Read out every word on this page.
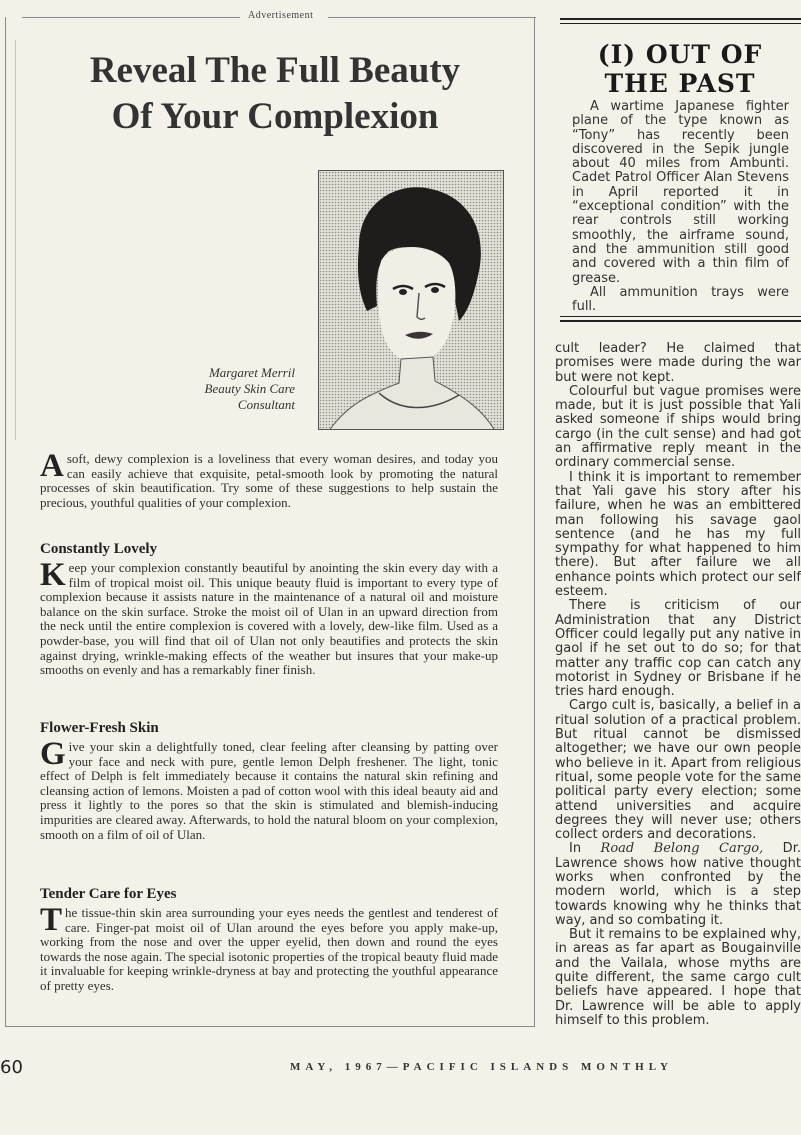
Advertisement
Reveal The Full Beauty
Of Your Complexion
Margaret Merril
Beauty Skin Care
Consultant

Asoft, dewy complexion is a loveliness that every woman desires, and today you can easily achieve that exquisite, petal-smooth look by promoting the natural processes of skin beautification. Try some of these suggestions to help sustain the precious, youthful qualities of your complexion.

Constantly Lovely

Keep your complexion constantly beautiful by anointing the skin every day with a film of tropical moist oil. This unique beauty fluid is important to every type of complexion because it assists nature in the maintenance of a natural oil and moisture balance on the skin surface. Stroke the moist oil of Ulan in an upward direction from the neck until the entire complexion is covered with a lovely, dew-like film. Used as a powder-base, you will find that oil of Ulan not only beautifies and protects the skin against drying, wrinkle-making effects of the weather but insures that your make-up smooths on evenly and has a remarkably finer finish.

Flower-Fresh Skin

Give your skin a delightfully toned, clear feeling after cleansing by patting over your face and neck with pure, gentle lemon Delph freshener. The light, tonic effect of Delph is felt immediately because it contains the natural skin refining and cleansing action of lemons. Moisten a pad of cotton wool with this ideal beauty aid and press it lightly to the pores so that the skin is stimulated and blemish-inducing impurities are cleared away. Afterwards, to hold the natural bloom on your complexion, smooth on a film of oil of Ulan.

Tender Care for Eyes

The tissue-thin skin area surrounding your eyes needs the gentlest and tenderest of care. Finger-pat moist oil of Ulan around the eyes before you apply make-up, working from the nose and over the upper eyelid, then down and round the eyes towards the nose again. The special isotonic properties of the tropical beauty fluid made it invaluable for keeping wrinkle-dryness at bay and protecting the youthful appearance of pretty eyes.

(I) OUT OF
THE PAST

A wartime Japanese fighter plane of the type known as “Tony” has recently been discovered in the Sepik jungle about 40 miles from Ambunti. Cadet Patrol Officer Alan Stevens in April reported it in “exceptional condition” with the rear controls still working smoothly, the airframe sound, and the ammunition still good and covered with a thin film of grease.

All ammunition trays were full.

cult leader? He claimed that promises were made during the war but were not kept.

Colourful but vague promises were made, but it is just possible that Yali asked someone if ships would bring cargo (in the cult sense) and had got an affirmative reply meant in the ordinary commercial sense.

I think it is important to remember that Yali gave his story after his failure, when he was an embittered man following his savage gaol sentence (and he has my full sympathy for what happened to him there). But after failure we all enhance points which protect our self esteem.

There is criticism of our Administration that any District Officer could legally put any native in gaol if he set out to do so; for that matter any traffic cop can catch any motorist in Sydney or Brisbane if he tries hard enough.

Cargo cult is, basically, a belief in a ritual solution of a practical problem. But ritual cannot be dismissed altogether; we have our own people who believe in it. Apart from religious ritual, some people vote for the same political party every election; some attend universities and acquire degrees they will never use; others collect orders and decorations.

In Road Belong Cargo, Dr. Lawrence shows how native thought works when confronted by the modern world, which is a step towards knowing why he thinks that way, and so combating it.

But it remains to be explained why, in areas as far apart as Bougainville and the Vailala, whose myths are quite different, the same cargo cult beliefs have appeared. I hope that Dr. Lawrence will be able to apply himself to this problem.

60	MAY, 1967—PACIFIC ISLANDS MONTHLY
